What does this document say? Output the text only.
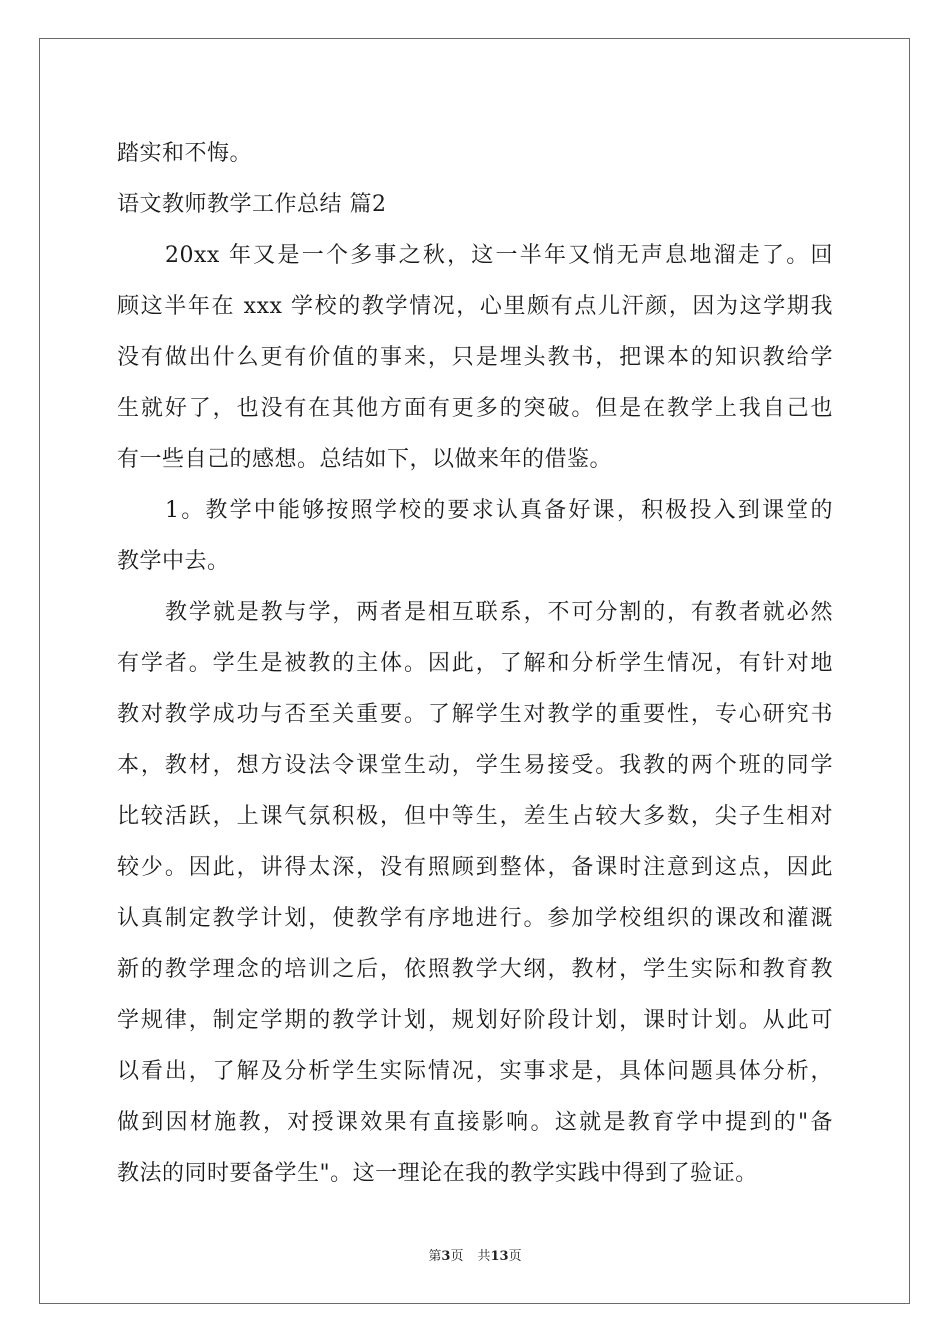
踏实和不悔。
语文教师教学工作总结 篇2
20xx 年又是一个多事之秋，这一半年又悄无声息地溜走了。回
顾这半年在 xxx 学校的教学情况，心里颇有点儿汗颜，因为这学期我
没有做出什么更有价值的事来，只是埋头教书，把课本的知识教给学
生就好了，也没有在其他方面有更多的突破。但是在教学上我自己也
有一些自己的感想。总结如下，以做来年的借鉴。
1。教学中能够按照学校的要求认真备好课，积极投入到课堂的
教学中去。
教学就是教与学，两者是相互联系，不可分割的，有教者就必然
有学者。学生是被教的主体。因此，了解和分析学生情况，有针对地
教对教学成功与否至关重要。了解学生对教学的重要性，专心研究书
本，教材，想方设法令课堂生动，学生易接受。我教的两个班的同学
比较活跃，上课气氛积极，但中等生，差生占较大多数，尖子生相对
较少。因此，讲得太深，没有照顾到整体，备课时注意到这点，因此
认真制定教学计划，使教学有序地进行。参加学校组织的课改和灌溉
新的教学理念的培训之后，依照教学大纲，教材，学生实际和教育教
学规律，制定学期的教学计划，规划好阶段计划，课时计划。从此可
以看出，了解及分析学生实际情况，实事求是，具体问题具体分析，
做到因材施教，对授课效果有直接影响。这就是教育学中提到的"备
教法的同时要备学生"。这一理论在我的教学实践中得到了验证。
第3页 共13页
